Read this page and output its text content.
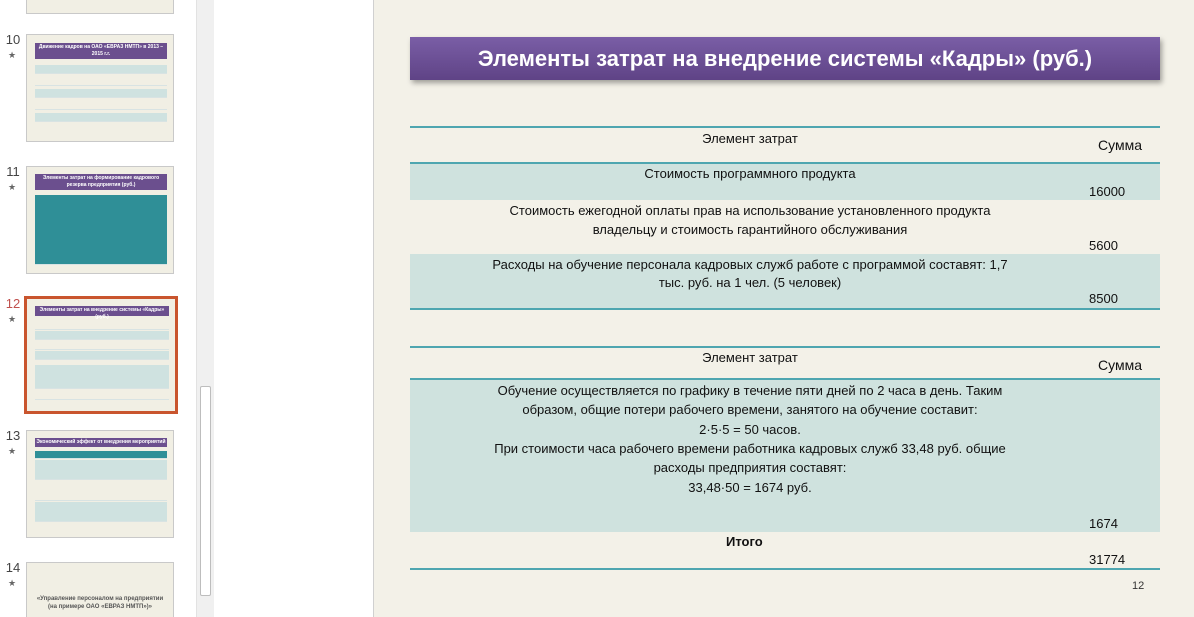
10
★
Движение кадров на ОАО «ЕВРАЗ НМТП» в 2013 – 2015 г.г.
11
★
Элементы затрат на формирование кадрового резерва предприятия (руб.)
12
★
Элементы затрат на внедрение системы «Кадры» (руб.)
13
★
Экономический эффект от внедрения мероприятий
14
★
«Управление персоналом на предприятии (на примере ОАО «ЕВРАЗ НМТП»)»
Элементы затрат на внедрение системы «Кадры» (руб.)
Элемент затрат	Сумма
Стоимость программного продукта
16000
Стоимость ежегодной оплаты прав на использование установленного продукта
владельцу и стоимость гарантийного обслуживания
5600
Расходы на обучение персонала кадровых служб работе с программой составят: 1,7
тыс. руб. на 1 чел. (5 человек)
8500
Элемент затрат	Сумма
Обучение осуществляется по графику в течение пяти дней по 2 часа в день. Таким
образом, общие потери рабочего времени, занятого на обучение составит:
2·5·5 = 50 часов.
При стоимости часа рабочего времени работника кадровых служб 33,48 руб. общие
расходы предприятия составят:
33,48·50 = 1674 руб.
1674
Итого
31774
12
